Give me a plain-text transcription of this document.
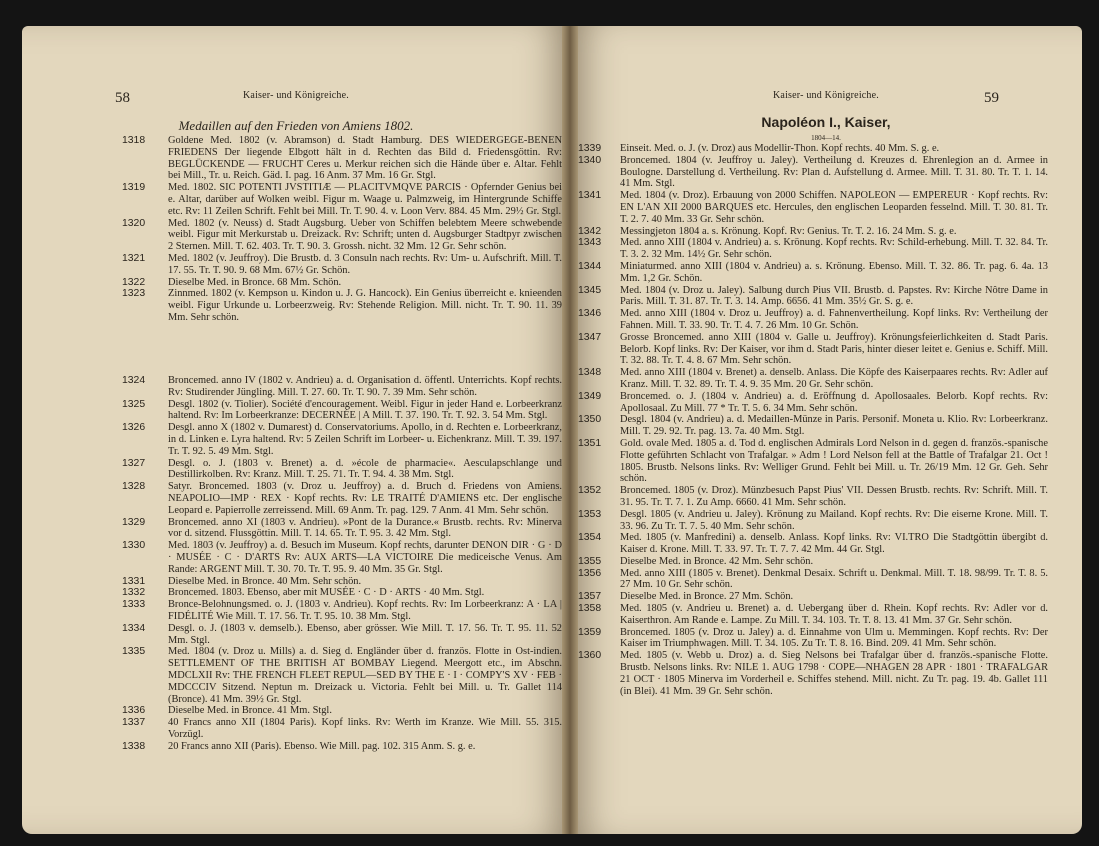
58	Kaiser- und Königreiche.
Medaillen auf den Frieden von Amiens 1802.
1318	Goldene Med. 1802 (v. Abramson) d. Stadt Hamburg. DES WIEDERGEGE-BENEN FRIEDENS Der liegende Elbgott hält in d. Rechten das Bild d. Friedensgöttin. Rv: BEGLÜCKENDE — FRUCHT Ceres u. Merkur reichen sich die Hände über e. Altar. Fehlt bei Mill., Tr. u. Reich. Gäd. I. pag. 16 Anm. 37 Mm. 16 Gr. Stgl.
1319	Med. 1802. SIC POTENTI JVSTITIÆ — PLACITVMQVE PARCIS · Opfernder Genius bei e. Altar, darüber auf Wolken weibl. Figur m. Waage u. Palmzweig, im Hintergrunde Schiffe etc. Rv: 11 Zeilen Schrift. Fehlt bei Mill. Tr. T. 90. 4. v. Loon Verv. 884. 45 Mm. 29½ Gr. Stgl.
1320	Med. 1802 (v. Neuss) d. Stadt Augsburg. Ueber von Schiffen belebtem Meere schwebende weibl. Figur mit Merkurstab u. Dreizack. Rv: Schrift; unten d. Augsburger Stadtpyr zwischen 2 Sternen. Mill. T. 62. 403. Tr. T. 90. 3. Grossh. nicht. 32 Mm. 12 Gr. Sehr schön.
1321	Med. 1802 (v. Jeuffroy). Die Brustb. d. 3 Consuln nach rechts. Rv: Um- u. Aufschrift. Mill. T. 17. 55. Tr. T. 90. 9. 68 Mm. 67½ Gr. Schön.
1322	Dieselbe Med. in Bronce. 68 Mm. Schön.
1323	Zinnmed. 1802 (v. Kempson u. Kindon u. J. G. Hancock). Ein Genius überreicht e. knieenden weibl. Figur Urkunde u. Lorbeerzweig. Rv: Stehende Religion. Mill. nicht. Tr. T. 90. 11. 39 Mm. Sehr schön.
1324	Broncemed. anno IV (1802 v. Andrieu) a. d. Organisation d. öffentl. Unterrichts. Kopf rechts. Rv: Studirender Jüngling. Mill. T. 27. 60. Tr. T. 90. 7. 39 Mm. Sehr schön.
1325	Desgl. 1802 (v. Tiolier). Société d'encouragement. Weibl. Figur in jeder Hand e. Lorbeerkranz haltend. Rv: Im Lorbeerkranze: DECERNÉE | A Mill. T. 37. 190. Tr. T. 92. 3. 54 Mm. Stgl.
1326	Desgl. anno X (1802 v. Dumarest) d. Conservatoriums. Apollo, in d. Rechten e. Lorbeerkranz, in d. Linken e. Lyra haltend. Rv: 5 Zeilen Schrift im Lorbeer- u. Eichenkranz. Mill. T. 39. 197. Tr. T. 92. 5. 49 Mm. Stgl.
1327	Desgl. o. J. (1803 v. Brenet) a. d. »école de pharmacie«. Aesculapschlange und Destillirkolben. Rv: Kranz. Mill. T. 25. 71. Tr. T. 94. 4. 38 Mm. Stgl.
1328	Satyr. Broncemed. 1803 (v. Droz u. Jeuffroy) a. d. Bruch d. Friedens von Amiens. NEAPOLIO—IMP · REX · Kopf rechts. Rv: LE TRAITÉ D'AMIENS etc. Der englische Leopard e. Papierrolle zerreissend. Mill. 69 Anm. Tr. pag. 129. 7 Anm. 41 Mm. Sehr schön.
1329	Broncemed. anno XI (1803 v. Andrieu). »Pont de la Durance.« Brustb. rechts. Rv: Minerva vor d. sitzend. Flussgöttin. Mill. T. 14. 65. Tr. T. 95. 3. 42 Mm. Stgl.
1330	Med. 1803 (v. Jeuffroy) a. d. Besuch im Museum. Kopf rechts, darunter DENON DIR · G · D · MUSÉE · C · D'ARTS Rv: AUX ARTS—LA VICTOIRE Die mediceische Venus. Am Rande: ARGENT Mill. T. 30. 70. Tr. T. 95. 9. 40 Mm. 35 Gr. Stgl.
1331	Dieselbe Med. in Bronce. 40 Mm. Sehr schön.
1332	Broncemed. 1803. Ebenso, aber mit MUSÉE · C · D · ARTS · 40 Mm. Stgl.
1333	Bronce-Belohnungsmed. o. J. (1803 v. Andrieu). Kopf rechts. Rv: Im Lorbeerkranz: A · LA | FIDÉLITÉ Wie Mill. T. 17. 56. Tr. T. 95. 10. 38 Mm. Stgl.
1334	Desgl. o. J. (1803 v. demselb.). Ebenso, aber grösser. Wie Mill. T. 17. 56. Tr. T. 95. 11. 52 Mm. Stgl.
1335	Med. 1804 (v. Droz u. Mills) a. d. Sieg d. Engländer über d. französ. Flotte in Ost-indien. SETTLEMENT OF THE BRITISH AT BOMBAY Liegend. Meergott etc., im Abschn. MDCLXII Rv: THE FRENCH FLEET REPUL—SED BY THE E · I · COMPY'S XV · FEB · MDCCCIV Sitzend. Neptun m. Dreizack u. Victoria. Fehlt bei Mill. u. Tr. Gallet 114 (Bronce). 41 Mm. 39½ Gr. Stgl.
1336	Dieselbe Med. in Bronce. 41 Mm. Stgl.
1337	40 Francs anno XII (1804 Paris). Kopf links. Rv: Werth im Kranze. Wie Mill. 55. 315. Vorzügl.
1338	20 Francs anno XII (Paris). Ebenso. Wie Mill. pag. 102. 315 Anm. S. g. e.
Kaiser- und Königreiche.	59
Napoléon I., Kaiser,
1804—14.
1339	Einseit. Med. o. J. (v. Droz) aus Modellir-Thon. Kopf rechts. 40 Mm. S. g. e.
1340	Broncemed. 1804 (v. Jeuffroy u. Jaley). Vertheilung d. Kreuzes d. Ehrenlegion an d. Armee in Boulogne. Darstellung d. Vertheilung. Rv: Plan d. Aufstellung d. Armee. Mill. T. 31. 80. Tr. T. 1. 14. 41 Mm. Stgl.
1341	Med. 1804 (v. Droz). Erbauung von 2000 Schiffen. NAPOLEON — EMPEREUR · Kopf rechts. Rv: EN L'AN XII 2000 BARQUES etc. Hercules, den englischen Leoparden fesselnd. Mill. T. 30. 81. Tr. T. 2. 7. 40 Mm. 33 Gr. Sehr schön.
1342	Messingjeton 1804 a. s. Krönung. Kopf. Rv: Genius. Tr. T. 2. 16. 24 Mm. S. g. e.
1343	Med. anno XIII (1804 v. Andrieu) a. s. Krönung. Kopf rechts. Rv: Schild-erhebung. Mill. T. 32. 84. Tr. T. 3. 2. 32 Mm. 14½ Gr. Sehr schön.
1344	Miniaturmed. anno XIII (1804 v. Andrieu) a. s. Krönung. Ebenso. Mill. T. 32. 86. Tr. pag. 6. 4a. 13 Mm. 1,2 Gr. Schön.
1345	Med. 1804 (v. Droz u. Jaley). Salbung durch Pius VII. Brustb. d. Papstes. Rv: Kirche Nôtre Dame in Paris. Mill. T. 31. 87. Tr. T. 3. 14. Amp. 6656. 41 Mm. 35½ Gr. S. g. e.
1346	Med. anno XIII (1804 v. Droz u. Jeuffroy) a. d. Fahnenvertheilung. Kopf links. Rv: Vertheilung der Fahnen. Mill. T. 33. 90. Tr. T. 4. 7. 26 Mm. 10 Gr. Schön.
1347	Grosse Broncemed. anno XIII (1804 v. Galle u. Jeuffroy). Krönungsfeierlichkeiten d. Stadt Paris. Belorb. Kopf links. Rv: Der Kaiser, vor ihm d. Stadt Paris, hinter dieser leitet e. Genius e. Schiff. Mill. T. 32. 88. Tr. T. 4. 8. 67 Mm. Sehr schön.
1348	Med. anno XIII (1804 v. Brenet) a. denselb. Anlass. Die Köpfe des Kaiserpaares rechts. Rv: Adler auf Kranz. Mill. T. 32. 89. Tr. T. 4. 9. 35 Mm. 20 Gr. Sehr schön.
1349	Broncemed. o. J. (1804 v. Andrieu) a. d. Eröffnung d. Apollosaales. Belorb. Kopf rechts. Rv: Apollosaal. Zu Mill. 77 * Tr. T. 5. 6. 34 Mm. Sehr schön.
1350	Desgl. 1804 (v. Andrieu) a. d. Medaillen-Münze in Paris. Personif. Moneta u. Klio. Rv: Lorbeerkranz. Mill. T. 29. 92. Tr. pag. 13. 7a. 40 Mm. Stgl.
1351	Gold. ovale Med. 1805 a. d. Tod d. englischen Admirals Lord Nelson in d. gegen d. französ.-spanische Flotte geführten Schlacht von Trafalgar. » Adm ! Lord Nelson fell at the Battle of Trafalgar 21. Oct ! 1805. Brustb. Nelsons links. Rv: Welliger Grund. Fehlt bei Mill. u. Tr. 26/19 Mm. 12 Gr. Geh. Sehr schön.
1352	Broncemed. 1805 (v. Droz). Münzbesuch Papst Pius' VII. Dessen Brustb. rechts. Rv: Schrift. Mill. T. 31. 95. Tr. T. 7. 1. Zu Amp. 6660. 41 Mm. Sehr schön.
1353	Desgl. 1805 (v. Andrieu u. Jaley). Krönung zu Mailand. Kopf rechts. Rv: Die eiserne Krone. Mill. T. 33. 96. Zu Tr. T. 7. 5. 40 Mm. Sehr schön.
1354	Med. 1805 (v. Manfredini) a. denselb. Anlass. Kopf links. Rv: VI.TRO Die Stadtgöttin übergibt d. Kaiser d. Krone. Mill. T. 33. 97. Tr. T. 7. 7. 42 Mm. 44 Gr. Stgl.
1355	Dieselbe Med. in Bronce. 42 Mm. Sehr schön.
1356	Med. anno XIII (1805 v. Brenet). Denkmal Desaix. Schrift u. Denkmal. Mill. T. 18. 98/99. Tr. T. 8. 5. 27 Mm. 10 Gr. Sehr schön.
1357	Dieselbe Med. in Bronce. 27 Mm. Schön.
1358	Med. 1805 (v. Andrieu u. Brenet) a. d. Uebergang über d. Rhein. Kopf rechts. Rv: Adler vor d. Kaiserthron. Am Rande e. Lampe. Zu Mill. T. 34. 103. Tr. T. 8. 13. 41 Mm. 37 Gr. Sehr schön.
1359	Broncemed. 1805 (v. Droz u. Jaley) a. d. Einnahme von Ulm u. Memmingen. Kopf rechts. Rv: Der Kaiser im Triumphwagen. Mill. T. 34. 105. Zu Tr. T. 8. 16. Bind. 209. 41 Mm. Sehr schön.
1360	Med. 1805 (v. Webb u. Droz) a. d. Sieg Nelsons bei Trafalgar über d. französ.-spanische Flotte. Brustb. Nelsons links. Rv: NILE 1. AUG 1798 · COPE—NHAGEN 28 APR · 1801 · TRAFALGAR 21 OCT · 1805 Minerva im Vorderheil e. Schiffes stehend. Mill. nicht. Zu Tr. pag. 19. 4b. Gallet 111 (in Blei). 41 Mm. 39 Gr. Sehr schön.
